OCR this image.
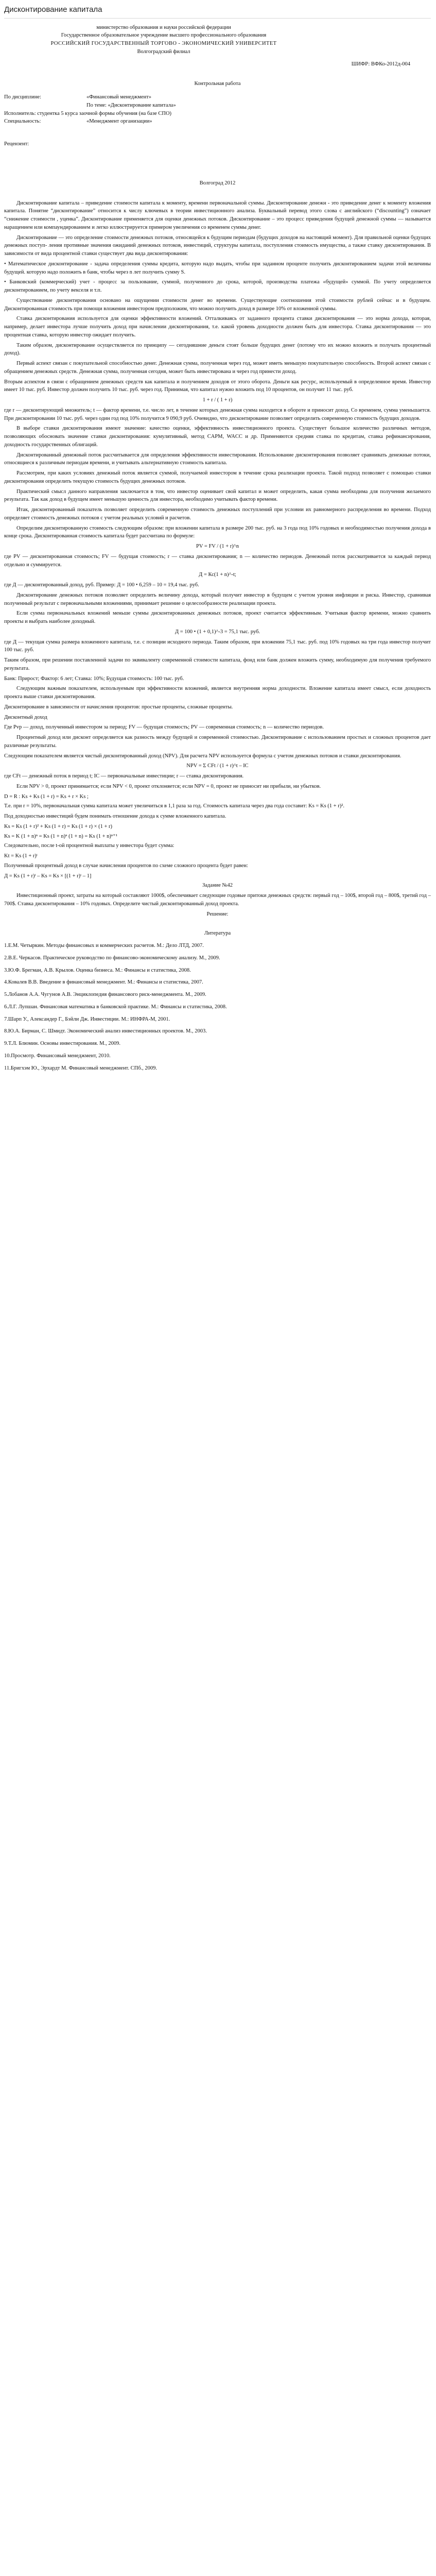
Дисконтирование капитала

министерство образования и науки российской федерации

Государственное образовательное учреждение высшего профессионального образования

РОССИЙСКИЙ ГОСУДАРСТВЕННЫЙ ТОРГОВО - ЭКОНОМИЧЕСКИЙ УНИВЕРСИТЕТ

Волгоградский филиал

ШИФР: ВФКо-2012д-004

Контрольная работа

По дисциплине:	«Финансовый менеджмент»
По теме: «Дисконтирование капитала»
Исполнитель: студентка 5 курса заочной формы обучения (на базе СПО)
Специальность:	«Менеджмент организации»

Рецензент:

Волгоград 2012

Дисконтирование капитала – приведение стоимости капитала к моменту, времени первоначальной суммы. Дисконтирование денежн - это приведение денег к моменту вложения капитала. Понятие “дисконтирование” относится к числу ключевых в теории инвестиционного анализа. Буквальный перевод этого слова с английского (“discounting”) означает “снижение стоимости , уценка”. Дисконтирование применяется для оценки денежных потоков. Дисконтирование – это процесс приведения будущей денежной суммы — называется наращением или компаундированием и легко иллюстрируется примером увеличения со временем суммы денег.

Дисконтирование — это определение стоимости денежных потоков, относящейся к будущим периодам (будущих доходов на настоящий момент). Для правильной оценки будущих денежных поступ- ления противные значения ожиданий денежных потоков, инвестиций, структуры капитала, поступления стоимость имущества, а также ставку дисконтирования. В зависимости от вида процентной ставки существует два вида дисконтирования:

• Математическое дисконтирование - задача определения суммы кредита, которую надо выдать, чтобы при заданном проценте получить дисконтированием задачи этой величины будущей. которую надо положить в банк, чтобы через n лет получить сумму S.

• Банковский (коммерческий) учет - процесс за пользование, суммой, полученного до срока, которой, производства платежа «будущей» суммой. По учету определяется дисконтированием, по учету векселя и т.п.

Существование дисконтирования основано на ощущении стоимости денег во времени. Существующие соотношения этой стоимости рублей сейчас и в будущем. Дисконтированная стоимость при помощи вложения инвестором предположим, что можно получить доход в размере 10% от вложенной суммы.

Ставка дисконтирования используется для оценки эффективности вложений. Отталкиваясь от заданного процента ставки дисконтирования — это норма дохода, которая, например, делает инвестора лучше получить доход при начислении дисконтирования, т.е. какой уровень доходности должен быть для инвестора. Ставка дисконтирования — это процентная ставка, которую инвестор ожидает получить.

Таким образом, дисконтирование осуществляется по принципу — сегодняшние деньги стоят больше будущих денег (потому что их можно вложить и получать процентный доход).

Первый аспект связан с покупательной способностью денег. Денежная сумма, полученная через год, может иметь меньшую покупательную способность. Второй аспект связан с обращением денежных средств. Денежная сумма, полученная сегодня, может быть инвестирована и через год принести доход.

Вторым аспектом в связи с обращением денежных средств как капитала и получением доходов от этого оборота. Деньги как ресурс, используемый в определенное время. Инвестор имеет 10 тыс. руб. Инвестор должен получить 10 тыс. руб. через год. Принимая, что капитал нужно вложить под 10 процентов, он получит 11 тыс. руб.

1 + r / ( 1 + r)

где r — дисконтирующий множитель; t — фактор времени, т.е. число лет, в течение которых денежная сумма находится в обороте и приносит доход. Со временем, сумма уменьшается. При дисконтировании 10 тыс. руб. через один год под 10% получится 9 090,9 руб. Очевидно, что дисконтирование позволяет определить современную стоимость будущих доходов.

В выборе ставки дисконтирования имеют значение: качество оценки, эффективность инвестиционного проекта. Существует большое количество различных методов, позволяющих обосновать значение ставки дисконтирования: кумулятивный, метод CAPM, WACC и др. Применяются средняя ставка по кредитам, ставка рефинансирования, доходность государственных облигаций.

Дисконтированный денежный поток рассчитывается для определения эффективности инвестирования. Использование дисконтирования позволяет сравнивать денежные потоки, относящиеся к различным периодам времени, и учитывать альтернативную стоимость капитала.

Рассмотрим, при каких условиях денежный поток является суммой, получаемой инвестором в течение срока реализации проекта. Такой подход позволяет с помощью ставки дисконтирования определить текущую стоимость будущих денежных потоков.

Практический смысл данного направления заключается в том, что инвестор оценивает свой капитал и может определить, какая сумма необходима для получения желаемого результата. Так как доход в будущем имеет меньшую ценность для инвестора, необходимо учитывать фактор времени.

Итак, дисконтированный показатель позволяет определить современную стоимость денежных поступлений при условии их равномерного распределения во времени. Подход определяет стоимость денежных потоков с учетом реальных условий и расчетов.

Определим дисконтированную стоимость следующим образом: при вложении капитала в размере 200 тыс. руб. на 3 года под 10% годовых и необходимостью получения дохода в конце срока. Дисконтированная стоимость капитала будет рассчитана по формуле:

PV = FV / (1 + r)^n

где PV — дисконтированная стоимость; FV — будущая стоимость; r — ставка дисконтирования; n — количество периодов. Денежный поток рассматривается за каждый период отдельно и суммируется.

Д = Кс(1 + n)^-t;

где Д — дисконтированный доход, руб. Пример: Д = 100 • 6,259 – 10 = 19,4 тыс. руб.

Дисконтирование денежных потоков позволяет определить величину дохода, который получит инвестор в будущем с учетом уровня инфляции и риска. Инвестор, сравнивая полученный результат с первоначальными вложениями, принимает решение о целесообразности реализации проекта.

Если сумма первоначальных вложений меньше суммы дисконтированных денежных потоков, проект считается эффективным. Учитывая фактор времени, можно сравнить проекты и выбрать наиболее доходный.

Д = 100 • (1 + 0,1)^-3 = 75,1 тыс. руб.

где Д — текущая сумма размера вложенного капитала, т.е. с позиции исходного периода. Таким образом, при вложении 75,1 тыс. руб. под 10% годовых на три года инвестор получит 100 тыс. руб.

Таким образом, при решении поставленной задачи по эквиваленту современной стоимости капитала, фонд или банк должен вложить сумму, необходимую для получения требуемого результата.

Банк: Прирост; Фактор: 6 лет; Ставка: 10%; Будущая стоимость: 100 тыс. руб.

Следующим важным показателем, используемым при эффективности вложений, является внутренняя норма доходности. Вложение капитала имеет смысл, если доходность проекта выше ставки дисконтирования.

Дисконтирование в зависимости от начисления процентов: простые проценты, сложные проценты.

Дисконтный доход

Где Pvp — доход, полученный инвестором за период; FV — будущая стоимость; PV — современная стоимость; n — количество периодов.

Процентный доход или дисконт определяется как разность между будущей и современной стоимостью. Дисконтирование с использованием простых и сложных процентов дает различные результаты.

Следующим показателем является чистый дисконтированный доход (NPV). Для расчета NPV используется формула с учетом денежных потоков и ставки дисконтирования.

NPV = Σ CFt / (1 + r)^t – IC

где CFt — денежный поток в период t; IC — первоначальные инвестиции; r — ставка дисконтирования.

Если NPV > 0, проект принимается; если NPV < 0, проект отклоняется; если NPV = 0, проект не приносит ни прибыли, ни убытков.

D = R : Ks + Ks (1 + r) = Ks + r × Ks ;

Т.е. при r = 10%, первоначальная сумма капитала может увеличиться в 1,1 раза за год. Стоимость капитала через два года составит: Ks = Ks (1 + r)².

Под доходностью инвестиций будем понимать отношение дохода к сумме вложенного капитала.

Ks = Ks (1 + r)² + Ks (1 + r) = Ks (1 + r) × (1 + r)

Ks = K (1 + n)ⁿ = Ks (1 + n)ⁿ (1 + n) = Ks (1 + n)ⁿ⁺¹

Следовательно, после t-ой процентной выплаты у инвестора будет сумма:

Kt = Ks (1 + r)ᵗ

Полученный процентный доход в случае начисления процентов по схеме сложного процента будет равен:

Д = Ks (1 + r)ᵗ – Ks = Ks × [(1 + r)ᵗ – 1]

Задание №42

Инвестиционный проект, затраты на который составляют 1000$, обеспечивает следующие годовые притоки денежных средств: первый год – 100$, второй год – 800$, третий год – 700$. Ставка дисконтирования – 10% годовых. Определите чистый дисконтированный доход проекта.

Решение:

Литература
1.Е.М. Четыркин. Методы финансовых и коммерческих расчетов. М.: Дело ЛТД, 2007.
2.В.Е. Черкасов. Практическое руководство по финансово-экономическому анализу. М., 2009.
3.Ю.Ф. Брегман, А.В. Крылов. Оценка бизнеса. М.: Финансы и статистика, 2008.
4.Ковалев В.В. Введение в финансовый менеджмент. М.: Финансы и статистика, 2007.
5.Лобанов А.А. Чугунов А.В. Энциклопедия финансового риск-менеджмента. М., 2009.
6.Л.Г. Лупшан. Финансовая математика в банковской практике. М.: Финансы и статистика, 2008.
7.Шарп У., Александер Г., Бэйли Дж. Инвестиции. М.: ИНФРА-М, 2001.
8.Ю.А. Бирман, С. Шмидт. Экономический анализ инвестиционных проектов. М., 2003.
9.Т.Л. Блюмин. Основы инвестирования. М., 2009.
10.Просмотр. Финансовый менеджмент, 2010.
11.Бригхэм Ю., Эрхардт М. Финансовый менеджмент. СПб., 2009.
